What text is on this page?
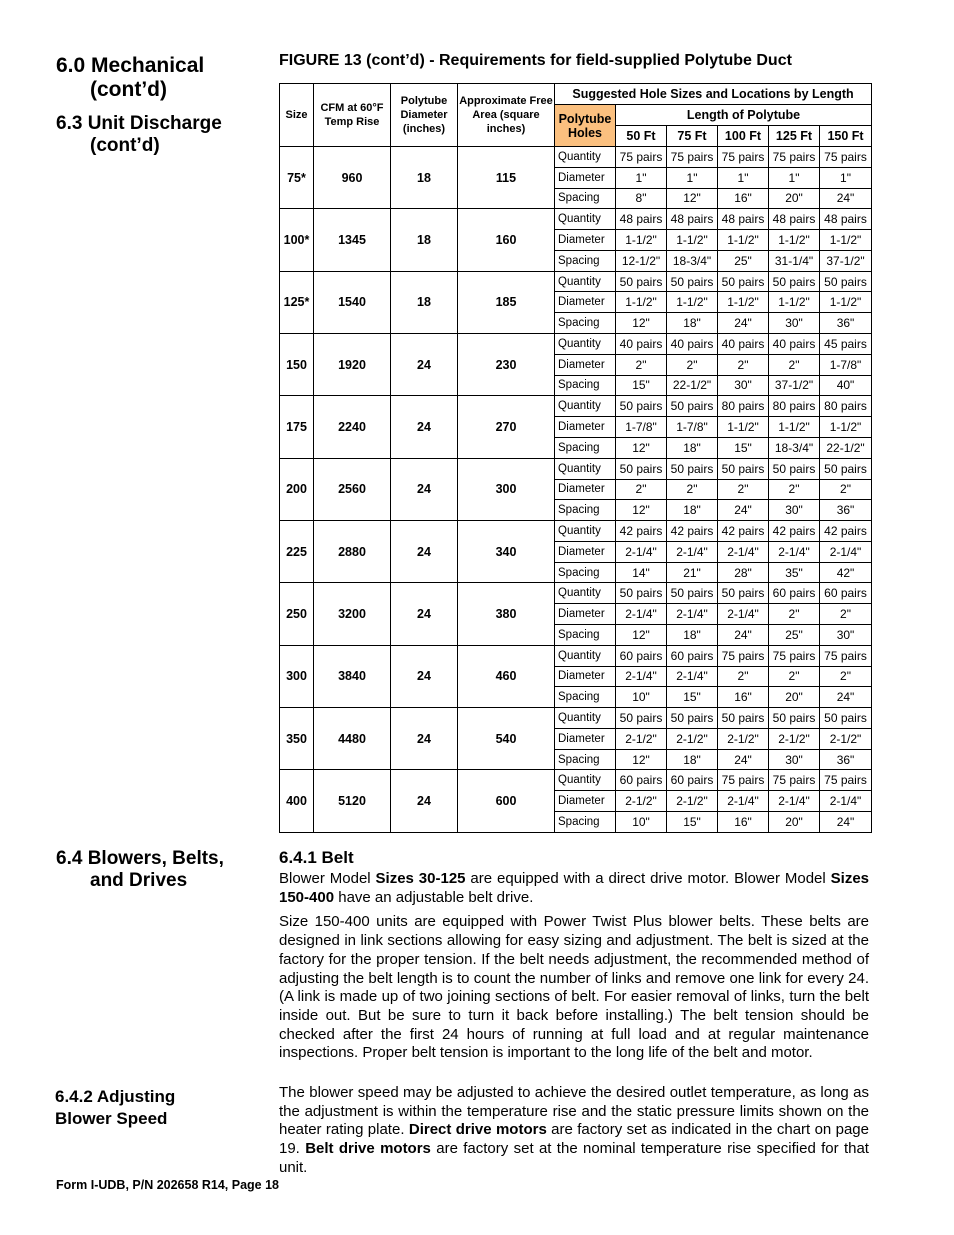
6.0 Mechanical
(cont’d)
6.3 Unit Discharge
(cont’d)
FIGURE 13 (cont’d) - Requirements for field-supplied Polytube Duct
Size	CFM at 60°F Temp Rise	Polytube Diameter (inches)	Approximate Free Area (square inches)	Suggested Hole Sizes and Locations by Length					
				Polytube Holes	Length of Polytube				
					50 Ft	75 Ft	100 Ft	125 Ft	150 Ft
75*	960	18	115	Quantity	75 pairs	75 pairs	75 pairs	75 pairs	75 pairs
				Diameter	1"	1"	1"	1"	1"
				Spacing	8"	12"	16"	20"	24"
100*	1345	18	160	Quantity	48 pairs	48 pairs	48 pairs	48 pairs	48 pairs
				Diameter	1-1/2"	1-1/2"	1-1/2"	1-1/2"	1-1/2"
				Spacing	12-1/2"	18-3/4"	25"	31-1/4"	37-1/2"
125*	1540	18	185	Quantity	50 pairs	50 pairs	50 pairs	50 pairs	50 pairs
				Diameter	1-1/2"	1-1/2"	1-1/2"	1-1/2"	1-1/2"
				Spacing	12"	18"	24"	30"	36"
150	1920	24	230	Quantity	40 pairs	40 pairs	40 pairs	40 pairs	45 pairs
				Diameter	2"	2"	2"	2"	1-7/8"
				Spacing	15"	22-1/2"	30"	37-1/2"	40"
175	2240	24	270	Quantity	50 pairs	50 pairs	80 pairs	80 pairs	80 pairs
				Diameter	1-7/8"	1-7/8"	1-1/2"	1-1/2"	1-1/2"
				Spacing	12"	18"	15"	18-3/4"	22-1/2"
200	2560	24	300	Quantity	50 pairs	50 pairs	50 pairs	50 pairs	50 pairs
				Diameter	2"	2"	2"	2"	2"
				Spacing	12"	18"	24"	30"	36"
225	2880	24	340	Quantity	42 pairs	42 pairs	42 pairs	42 pairs	42 pairs
				Diameter	2-1/4"	2-1/4"	2-1/4"	2-1/4"	2-1/4"
				Spacing	14"	21"	28"	35"	42"
250	3200	24	380	Quantity	50 pairs	50 pairs	50 pairs	60 pairs	60 pairs
				Diameter	2-1/4"	2-1/4"	2-1/4"	2"	2"
				Spacing	12"	18"	24"	25"	30"
300	3840	24	460	Quantity	60 pairs	60 pairs	75 pairs	75 pairs	75 pairs
				Diameter	2-1/4"	2-1/4"	2"	2"	2"
				Spacing	10"	15"	16"	20"	24"
350	4480	24	540	Quantity	50 pairs	50 pairs	50 pairs	50 pairs	50 pairs
				Diameter	2-1/2"	2-1/2"	2-1/2"	2-1/2"	2-1/2"
				Spacing	12"	18"	24"	30"	36"
400	5120	24	600	Quantity	60 pairs	60 pairs	75 pairs	75 pairs	75 pairs
				Diameter	2-1/2"	2-1/2"	2-1/4"	2-1/4"	2-1/4"
				Spacing	10"	15"	16"	20"	24"
6.4 Blowers, Belts,
and Drives
6.4.1 Belt

Blower Model Sizes 30-125 are equipped with a direct drive motor. Blower Model Sizes 150-400 have an adjustable belt drive.

Size 150-400 units are equipped with Power Twist Plus blower belts. These belts are designed in link sections allowing for easy sizing and adjustment. The belt is sized at the factory for the proper tension. If the belt needs adjustment, the recommended method of adjusting the belt length is to count the number of links and remove one link for every 24. (A link is made up of two joining sections of belt. For easier removal of links, turn the belt inside out. But be sure to turn it back before installing.) The belt tension should be checked after the first 24 hours of running at full load and at regular maintenance inspections. Proper belt tension is important to the long life of the belt and motor.

6.4.2 Adjusting
Blower Speed

The blower speed may be adjusted to achieve the desired outlet temperature, as long as the adjustment is within the temperature rise and the static pressure limits shown on the heater rating plate. Direct drive motors are factory set as indicated in the chart on page 19. Belt drive motors are factory set at the nominal temperature rise specified for that unit.

Form I-UDB, P/N 202658 R14, Page 18
